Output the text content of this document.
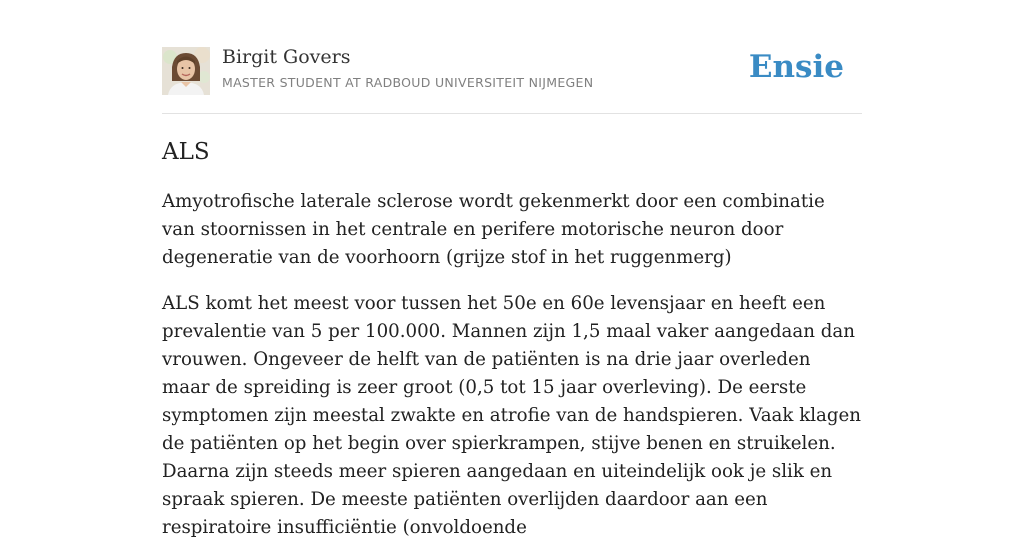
Birgit Govers
MASTER STUDENT AT RADBOUD UNIVERSITEIT NIJMEGEN	Ensie
ALS

Amyotrofische laterale sclerose wordt gekenmerkt door een combinatie van stoornissen in het centrale en perifere motorische neuron door degeneratie van de voorhoorn (grijze stof in het ruggenmerg)

ALS komt het meest voor tussen het 50e en 60e levensjaar en heeft een prevalentie van 5 per 100.000. Mannen zijn 1,5 maal vaker aangedaan dan vrouwen. Ongeveer de helft van de patiënten is na drie jaar overleden maar de spreiding is zeer groot (0,5 tot 15 jaar overleving). De eerste symptomen zijn meestal zwakte en atrofie van de handspieren. Vaak klagen de patiënten op het begin over spierkrampen, stijve benen en struikelen. Daarna zijn steeds meer spieren aangedaan en uiteindelijk ook je slik en spraak spieren. De meeste patiënten overlijden daardoor aan een respiratoire insufficiëntie (onvoldoende
